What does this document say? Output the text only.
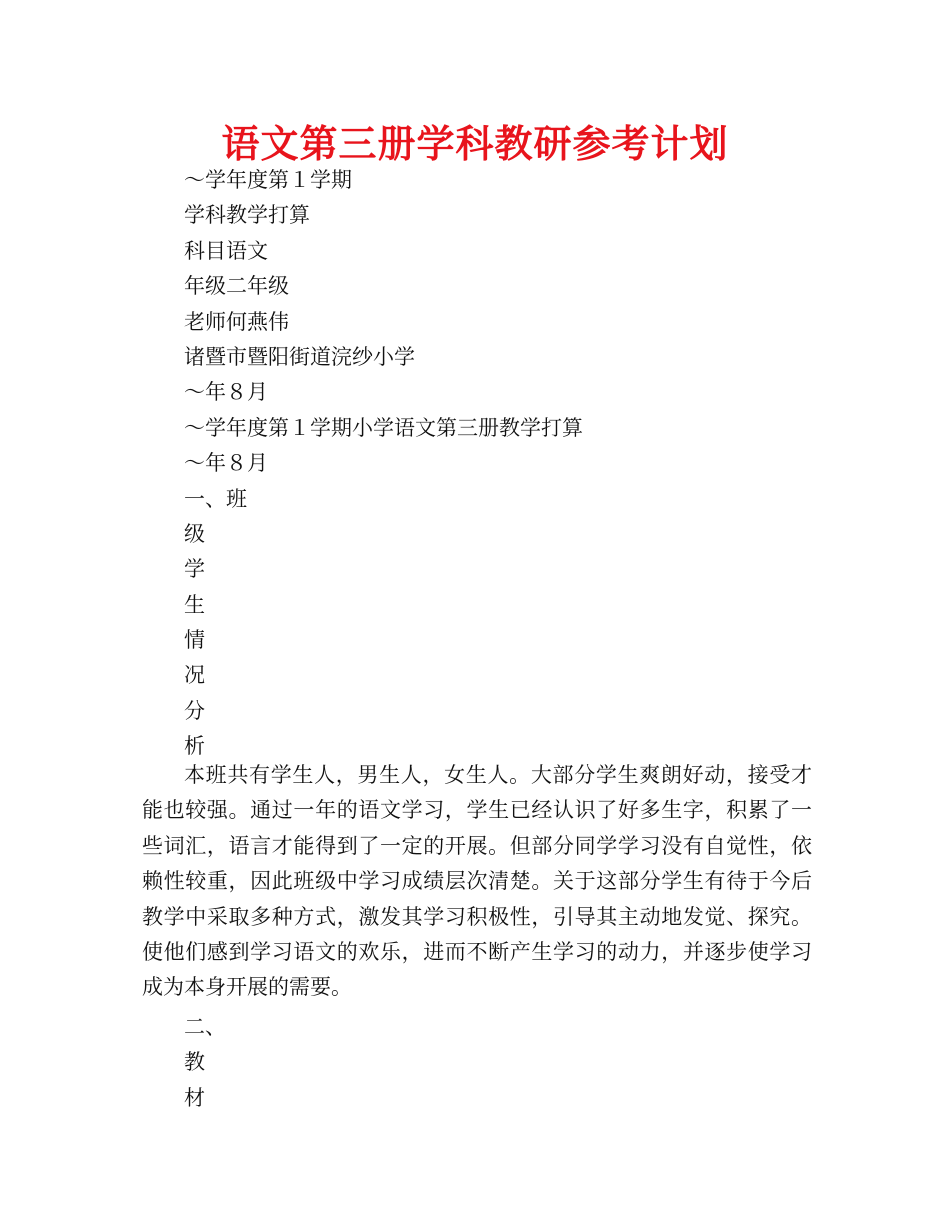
语文第三册学科教研参考计划
～学年度第１学期
学科教学打算
科目语文
年级二年级
老师何燕伟
诸暨市暨阳街道浣纱小学
～年８月
～学年度第１学期小学语文第三册教学打算
～年８月
一、班
级
学
生
情
况
分
析

本班共有学生人，男生人，女生人。大部分学生爽朗好动，接受才能也较强。通过一年的语文学习，学生已经认识了好多生字，积累了一些词汇，语言才能得到了一定的开展。但部分同学学习没有自觉性，依赖性较重，因此班级中学习成绩层次清楚。关于这部分学生有待于今后教学中采取多种方式，激发其学习积极性，引导其主动地发觉、探究。使他们感到学习语文的欢乐，进而不断产生学习的动力，并逐步使学习成为本身开展的需要。

二、
教
材
